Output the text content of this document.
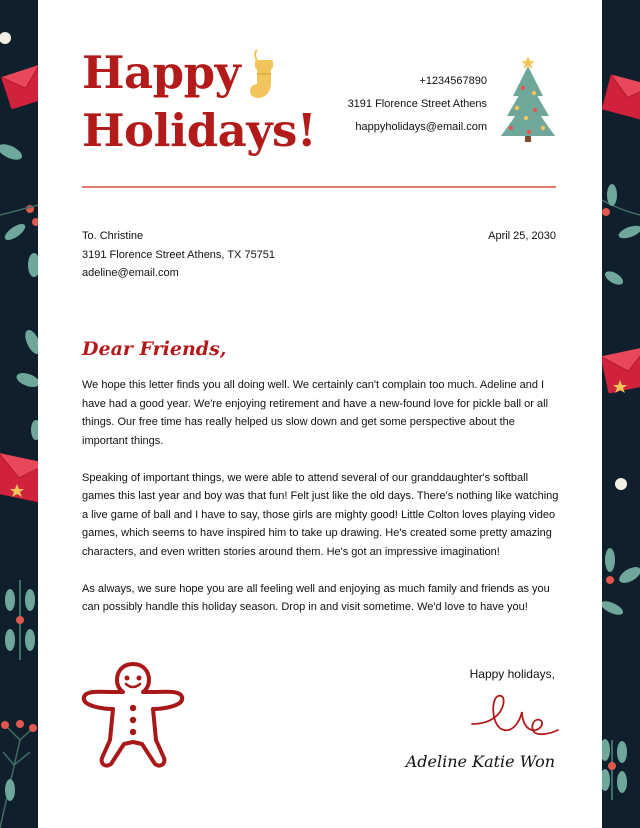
Happy
Holidays!
+1234567890
3191 Florence Street Athens
happyholidays@email.com
To. Christine
3191 Florence Street Athens, TX 75751
adeline@email.com
April 25, 2030
Dear Friends,

We hope this letter finds you all doing well. We certainly can't complain too much. Adeline and I have had a good year. We're enjoying retirement and have a new-found love for pickle ball or all things. Our free time has really helped us slow down and get some perspective about the important things.

Speaking of important things, we were able to attend several of our granddaughter's softball games this last year and boy was that fun! Felt just like the old days. There's nothing like watching a live game of ball and I have to say, those girls are mighty good! Little Colton loves playing video games, which seems to have inspired him to take up drawing. He's created some pretty amazing characters, and even written stories around them. He's got an impressive imagination!

As always, we sure hope you are all feeling well and enjoying as much family and friends as you can possibly handle this holiday season. Drop in and visit sometime. We'd love to have you!

Happy holidays,
Adeline Katie Won
